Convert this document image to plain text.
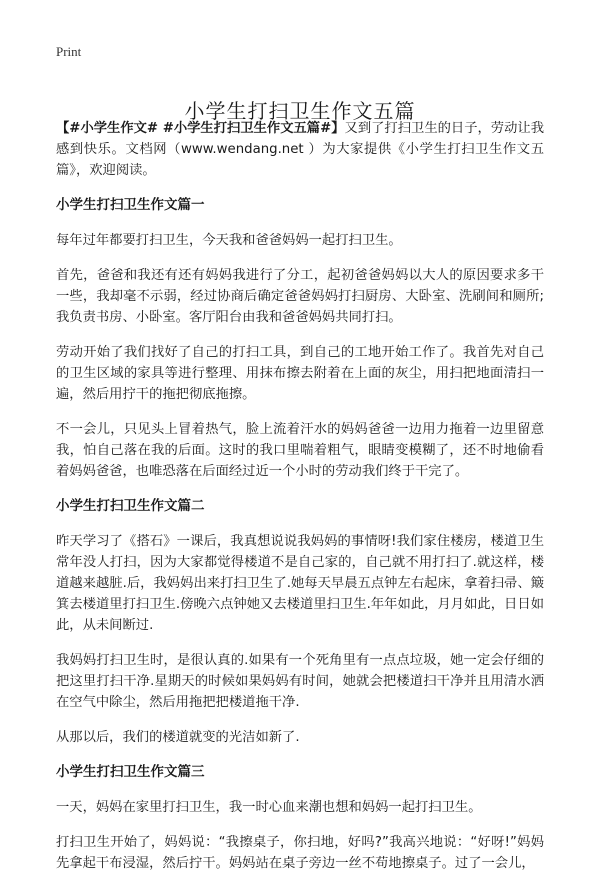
Print
小学生打扫卫生作文五篇

【#小学生作文# #小学生打扫卫生作文五篇#】又到了打扫卫生的日子，劳动让我感到快乐。文档网（www.wendang.net ）为大家提供《小学生打扫卫生作文五篇》，欢迎阅读。

小学生打扫卫生作文篇一

每年过年都要打扫卫生，今天我和爸爸妈妈一起打扫卫生。

首先，爸爸和我还有还有妈妈我进行了分工，起初爸爸妈妈以大人的原因要求多干一些，我却毫不示弱，经过协商后确定爸爸妈妈打扫厨房、大卧室、洗刷间和厕所;我负责书房、小卧室。客厅阳台由我和爸爸妈妈共同打扫。

劳动开始了我们找好了自己的打扫工具，到自己的工地开始工作了。我首先对自己的卫生区域的家具等进行整理、用抹布擦去附着在上面的灰尘，用扫把地面清扫一遍，然后用拧干的拖把彻底拖擦。

不一会儿，只见头上冒着热气，脸上流着汗水的妈妈爸爸一边用力拖着一边里留意我，怕自己落在我的后面。这时的我口里喘着粗气，眼睛变模糊了，还不时地偷看着妈妈爸爸，也唯恐落在后面经过近一个小时的劳动我们终于干完了。

小学生打扫卫生作文篇二

昨天学习了《搭石》一课后，我真想说说我妈妈的事情呀!我们家住楼房，楼道卫生常年没人打扫，因为大家都觉得楼道不是自己家的，自己就不用打扫了.就这样，楼道越来越脏.后，我妈妈出来打扫卫生了.她每天早晨五点钟左右起床，拿着扫帚、簸箕去楼道里打扫卫生.傍晚六点钟她又去楼道里扫卫生.年年如此，月月如此，日日如此，从未间断过.

我妈妈打扫卫生时，是很认真的.如果有一个死角里有一点点垃圾，她一定会仔细的把这里打扫干净.星期天的时候如果妈妈有时间，她就会把楼道扫干净并且用清水洒在空气中除尘，然后用拖把把楼道拖干净.

从那以后，我们的楼道就变的光洁如新了.

小学生打扫卫生作文篇三

一天，妈妈在家里打扫卫生，我一时心血来潮也想和妈妈一起打扫卫生。

打扫卫生开始了，妈妈说：“我擦桌子，你扫地，好吗?”我高兴地说：“好呀!”妈妈先拿起干布浸湿，然后拧干。妈妈站在桌子旁边一丝不苟地擦桌子。过了一会儿，
